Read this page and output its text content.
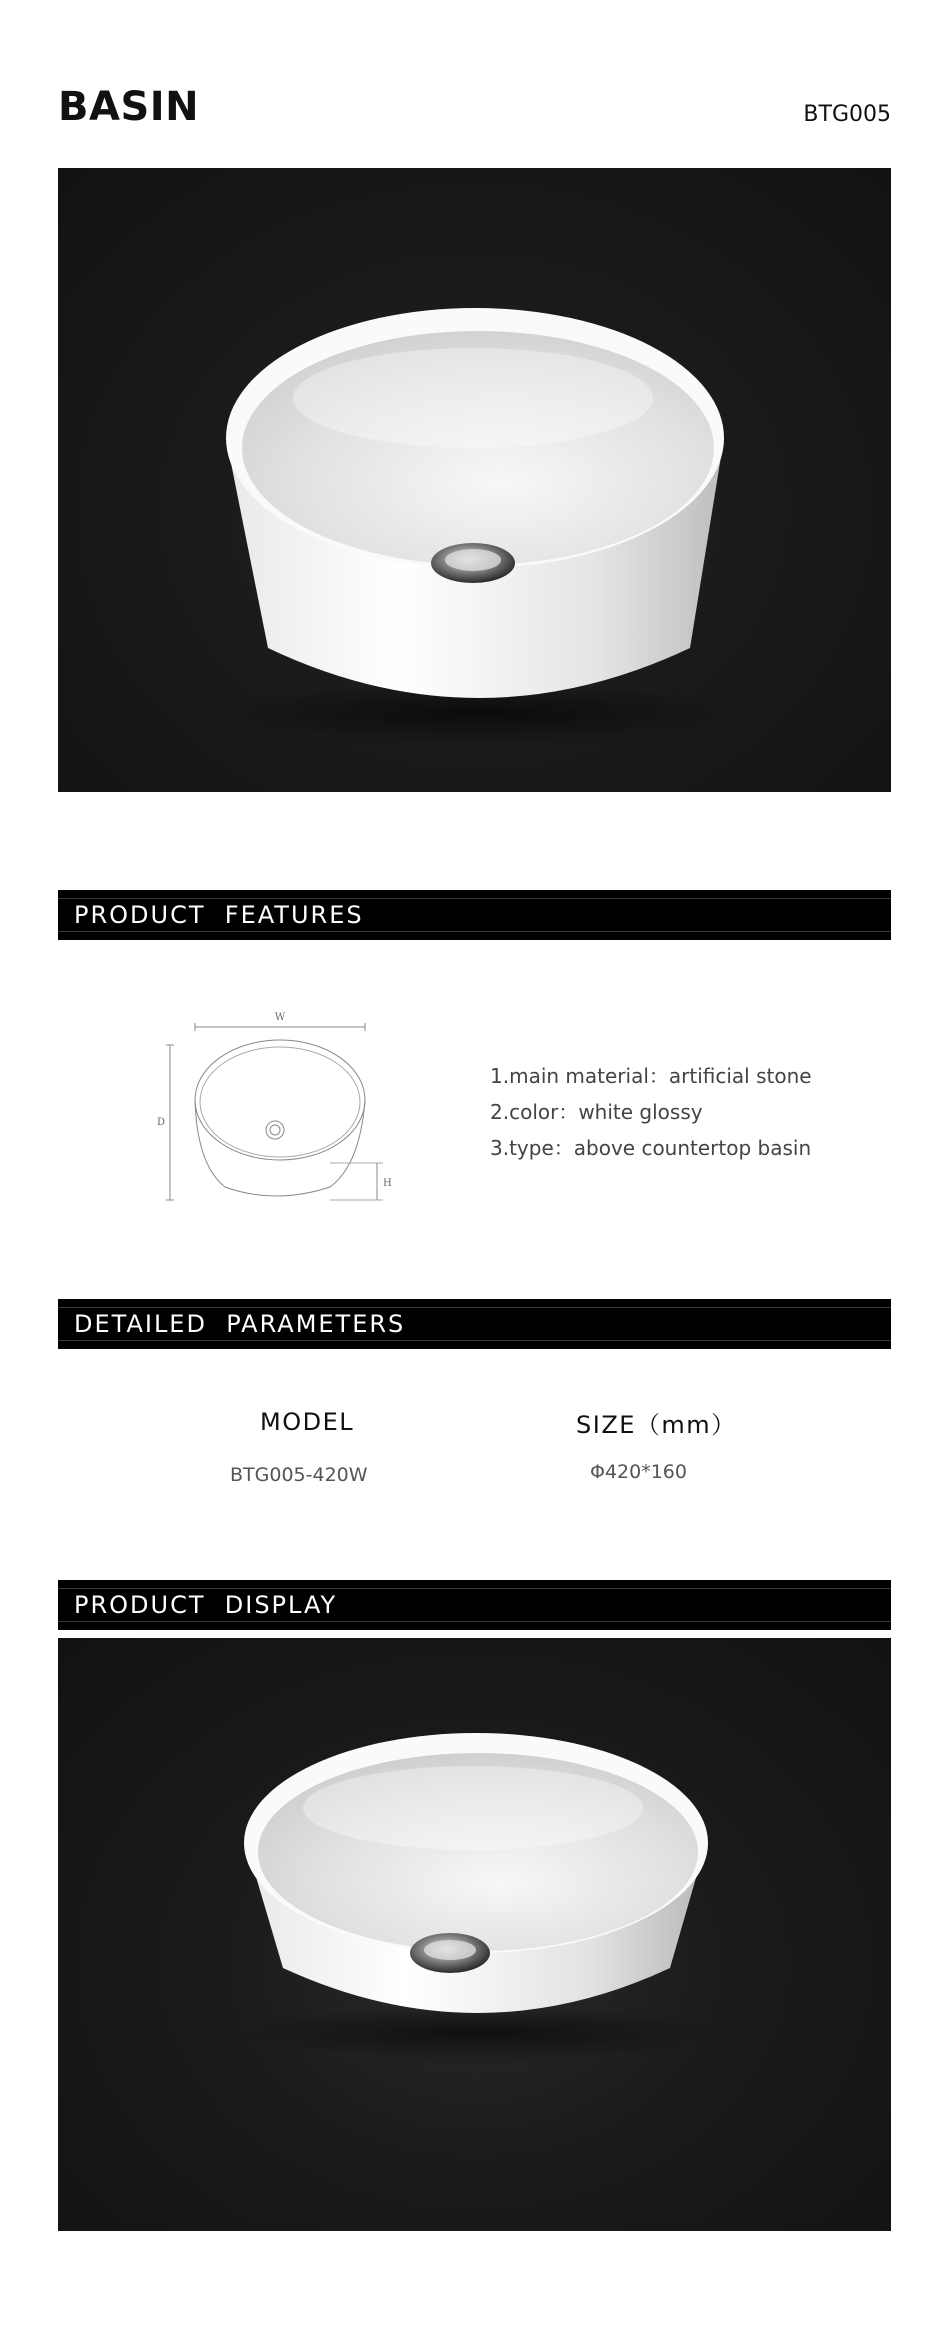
BASIN	BTG005
PRODUCT  FEATURES
W
D
H
1.main material：artificial stone
2.color：white glossy
3.type：above countertop basin
DETAILED  PARAMETERS
MODEL	SIZE（mm）
BTG005-420W	Φ420*160
PRODUCT  DISPLAY
